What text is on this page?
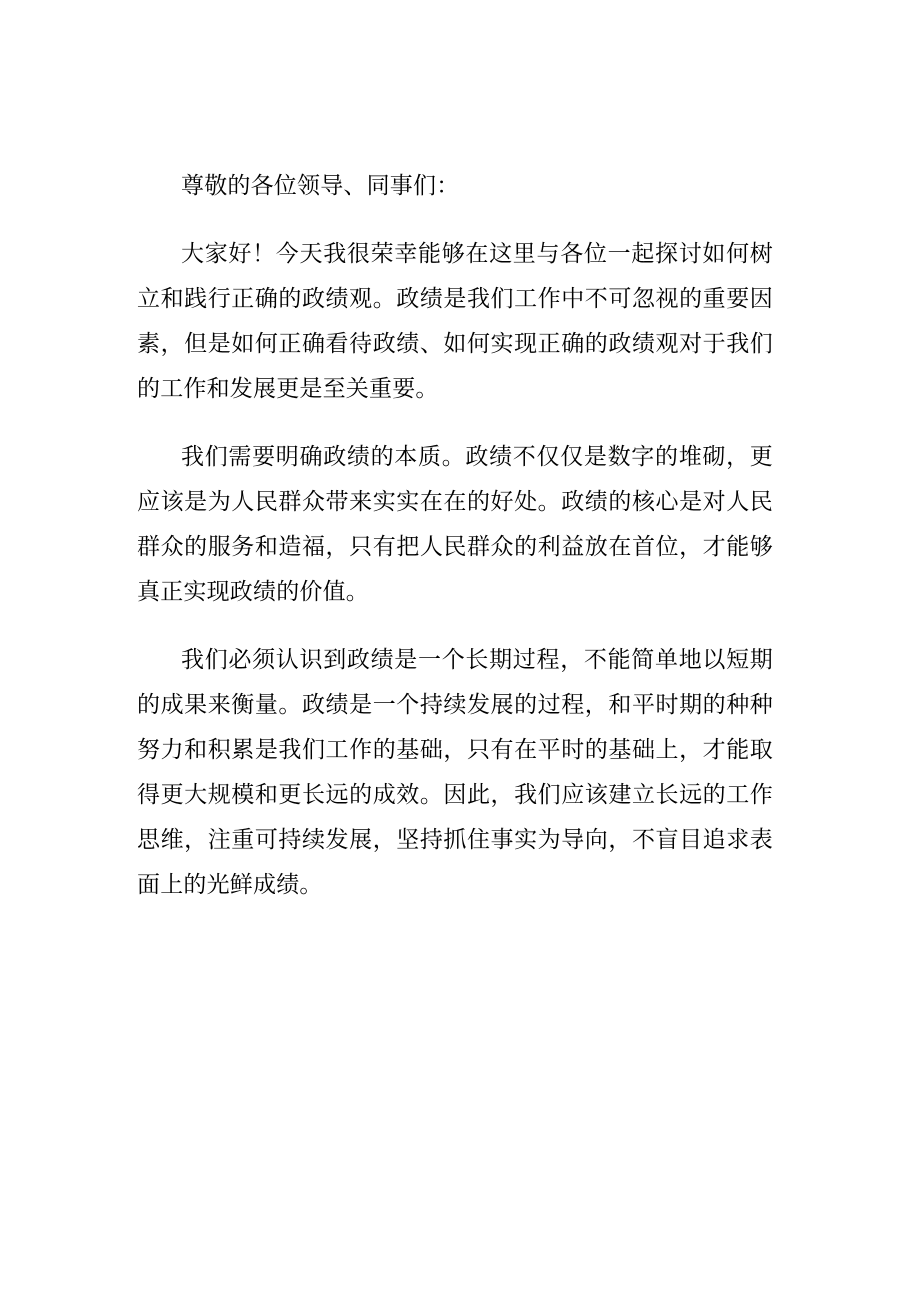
尊敬的各位领导、同事们：

大家好！今天我很荣幸能够在这里与各位一起探讨如何树立和践行正确的政绩观。政绩是我们工作中不可忽视的重要因素，但是如何正确看待政绩、如何实现正确的政绩观对于我们的工作和发展更是至关重要。

我们需要明确政绩的本质。政绩不仅仅是数字的堆砌，更应该是为人民群众带来实实在在的好处。政绩的核心是对人民群众的服务和造福，只有把人民群众的利益放在首位，才能够真正实现政绩的价值。

我们必须认识到政绩是一个长期过程，不能简单地以短期的成果来衡量。政绩是一个持续发展的过程，和平时期的种种努力和积累是我们工作的基础，只有在平时的基础上，才能取得更大规模和更长远的成效。因此，我们应该建立长远的工作思维，注重可持续发展，坚持抓住事实为导向，不盲目追求表面上的光鲜成绩。
